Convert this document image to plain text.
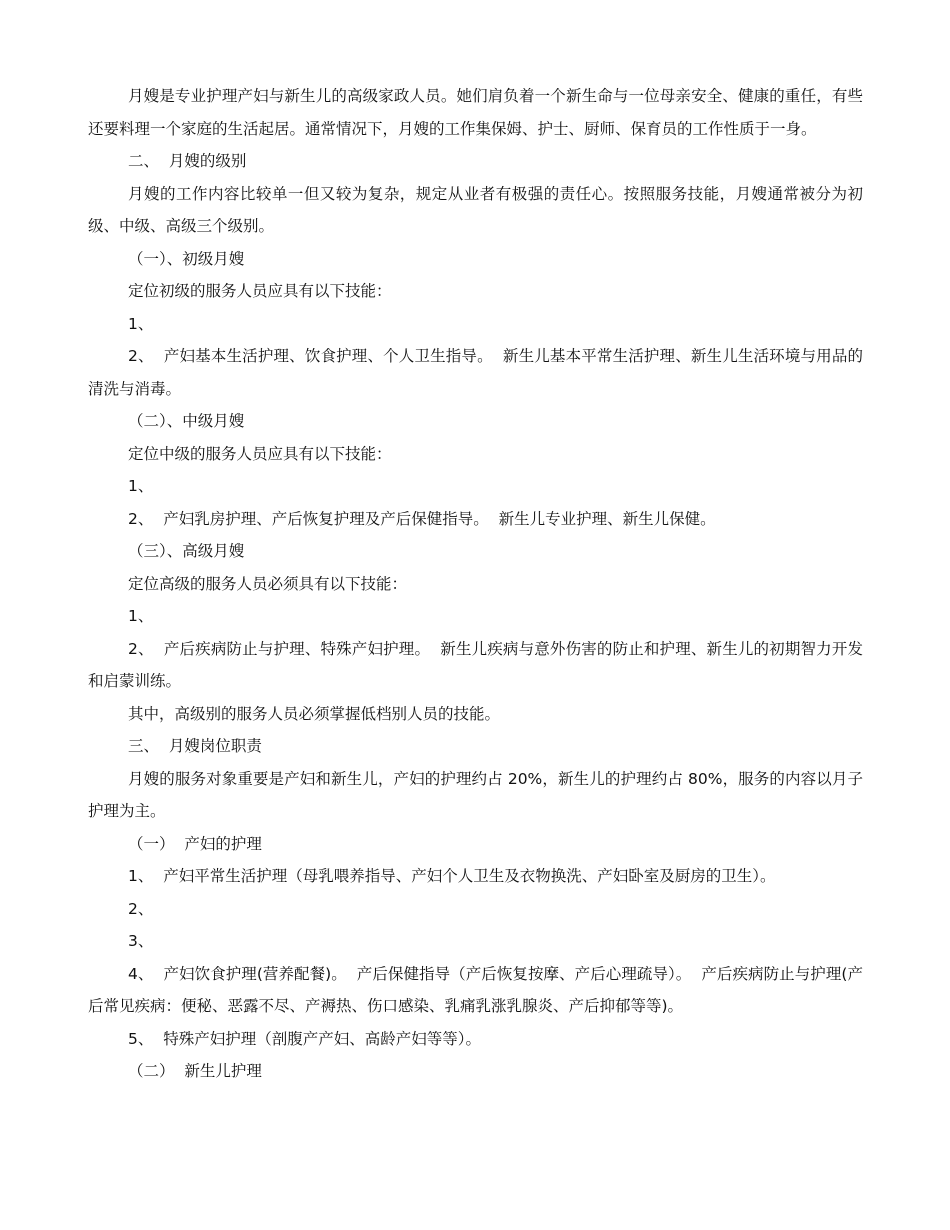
月嫂是专业护理产妇与新生儿的高级家政人员。她们肩负着一个新生命与一位母亲安全、健康的重任，有些还要料理一个家庭的生活起居。通常情况下，月嫂的工作集保姆、护士、厨师、保育员的工作性质于一身。

二、  月嫂的级别

月嫂的工作内容比较单一但又较为复杂，规定从业者有极强的责任心。按照服务技能，月嫂通常被分为初级、中级、高级三个级别。

（一）、初级月嫂

定位初级的服务人员应具有以下技能：

1、

2、  产妇基本生活护理、饮食护理、个人卫生指导。  新生儿基本平常生活护理、新生儿生活环境与用品的清洗与消毒。

（二）、中级月嫂

定位中级的服务人员应具有以下技能：

1、

2、  产妇乳房护理、产后恢复护理及产后保健指导。  新生儿专业护理、新生儿保健。

（三）、高级月嫂

定位高级的服务人员必须具有以下技能：

1、

2、  产后疾病防止与护理、特殊产妇护理。  新生儿疾病与意外伤害的防止和护理、新生儿的初期智力开发和启蒙训练。

其中，高级别的服务人员必须掌握低档别人员的技能。

三、  月嫂岗位职责

月嫂的服务对象重要是产妇和新生儿，产妇的护理约占 20%，新生儿的护理约占 80%，服务的内容以月子护理为主。

（一）  产妇的护理

1、  产妇平常生活护理（母乳喂养指导、产妇个人卫生及衣物换洗、产妇卧室及厨房的卫生）。

2、

3、

4、  产妇饮食护理(营养配餐)。  产后保健指导（产后恢复按摩、产后心理疏导）。  产后疾病防止与护理(产后常见疾病：便秘、恶露不尽、产褥热、伤口感染、乳痛乳涨乳腺炎、产后抑郁等等)。

5、  特殊产妇护理（剖腹产产妇、高龄产妇等等）。

（二）  新生儿护理
